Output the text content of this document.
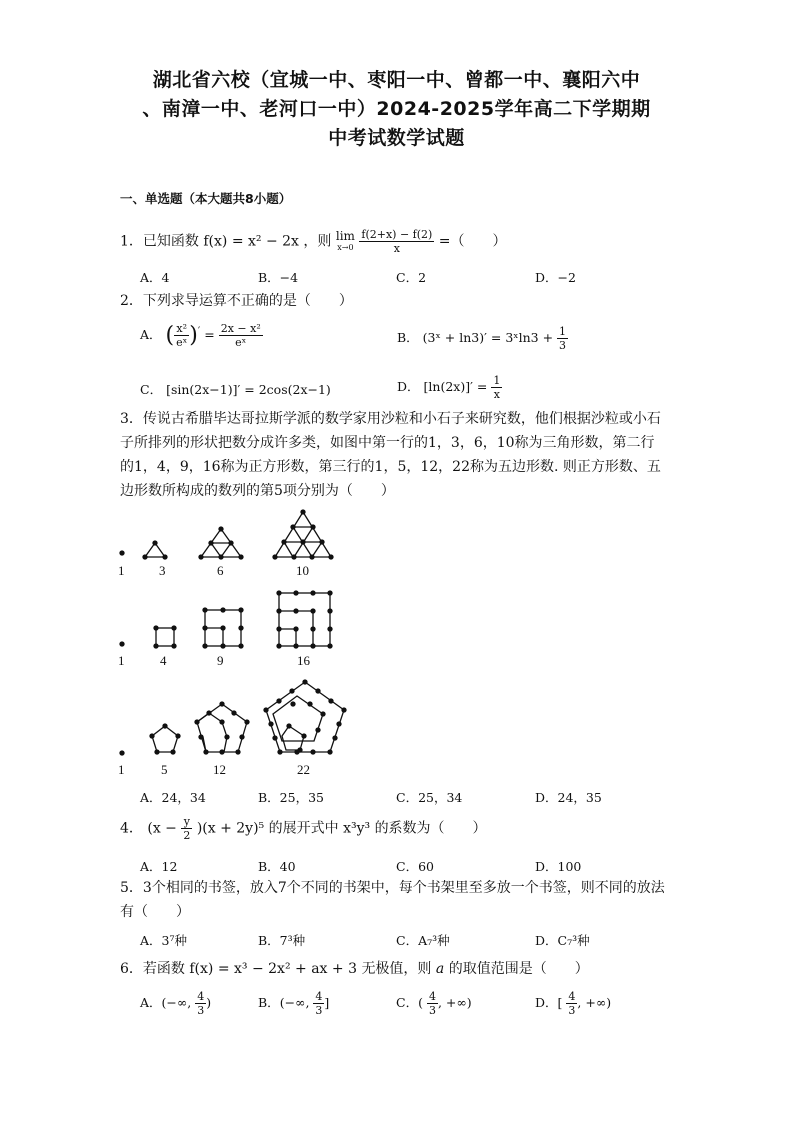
湖北省六校（宜城一中、枣阳一中、曾都一中、襄阳六中
、南漳一中、老河口一中）2024-2025学年高二下学期期
中考试数学试题
一、单选题（本大题共8小题）
1．已知函数 f(x) = x² − 2x ，则 lim
x→0
$\frac{f(2+x) - f(2)}{x}$ =（　　）
A．4	B．−4	C．2	D．−2
2．下列求导运算不正确的是（　　）
A． ( $\frac{\text{x²}}{\text{eˣ}} )' = \frac{\text{2x − x²}}{\text{eˣ}}$	B． (3ˣ + ln3)′ = 3ˣln3 + $\frac{1}{3}$
C． [sin(2x−1)]′ = 2cos(2x−1)	D． $[\ln(2x)]' = \frac{1}{x}$
3．传说古希腊毕达哥拉斯学派的数学家用沙粒和小石子来研究数，他们根据沙粒或小石子所排列的形状把数分成许多类，如图中第一行的1，3，6，10称为三角形数，第二行的1，4，9，16称为正方形数，第三行的1，5，12，22称为五边形数. 则正方形数、五边形数所构成的数列的第5项分别为（　　）
1	3	6	10
1	4	9	16
1	5	12	22
A．24，34	B．25，35	C．25，34	D．24，35
4． $(x - \frac{y}{2} )(x + 2y)^5$ 的展开式中 x³y³ 的系数为（　　）
A．12	B．40	C．60	D．100
5．3个相同的书签，放入7个不同的书架中，每个书架里至多放一个书签，则不同的放法有（　　）
A．3⁷种	B．7³种	C．A₇³种	D．C₇³种
6．若函数 f(x) = x³ − 2x² + ax + 3 无极值，则 a 的取值范围是（　　）
A．(−∞, $\frac{4}{3}$ )	B．(−∞, $\frac{4}{3}$ ]	C．( $\frac{4}{3}$ , +∞)	D．[ $\frac{4}{3}$ , +∞)
